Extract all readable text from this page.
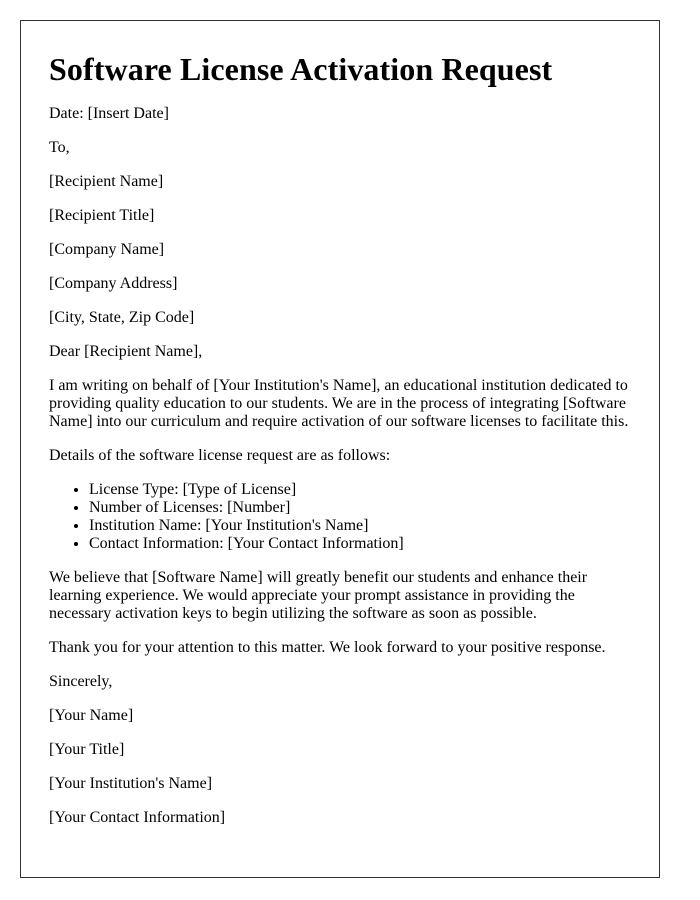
Software License Activation Request

Date: [Insert Date]

To,

[Recipient Name]

[Recipient Title]

[Company Name]

[Company Address]

[City, State, Zip Code]

Dear [Recipient Name],

I am writing on behalf of [Your Institution's Name], an educational institution dedicated to providing quality education to our students. We are in the process of integrating [Software Name] into our curriculum and require activation of our software licenses to facilitate this.

Details of the software license request are as follows:

• License Type: [Type of License]
• Number of Licenses: [Number]
• Institution Name: [Your Institution's Name]
• Contact Information: [Your Contact Information]

We believe that [Software Name] will greatly benefit our students and enhance their learning experience. We would appreciate your prompt assistance in providing the necessary activation keys to begin utilizing the software as soon as possible.

Thank you for your attention to this matter. We look forward to your positive response.

Sincerely,

[Your Name]

[Your Title]

[Your Institution's Name]

[Your Contact Information]
